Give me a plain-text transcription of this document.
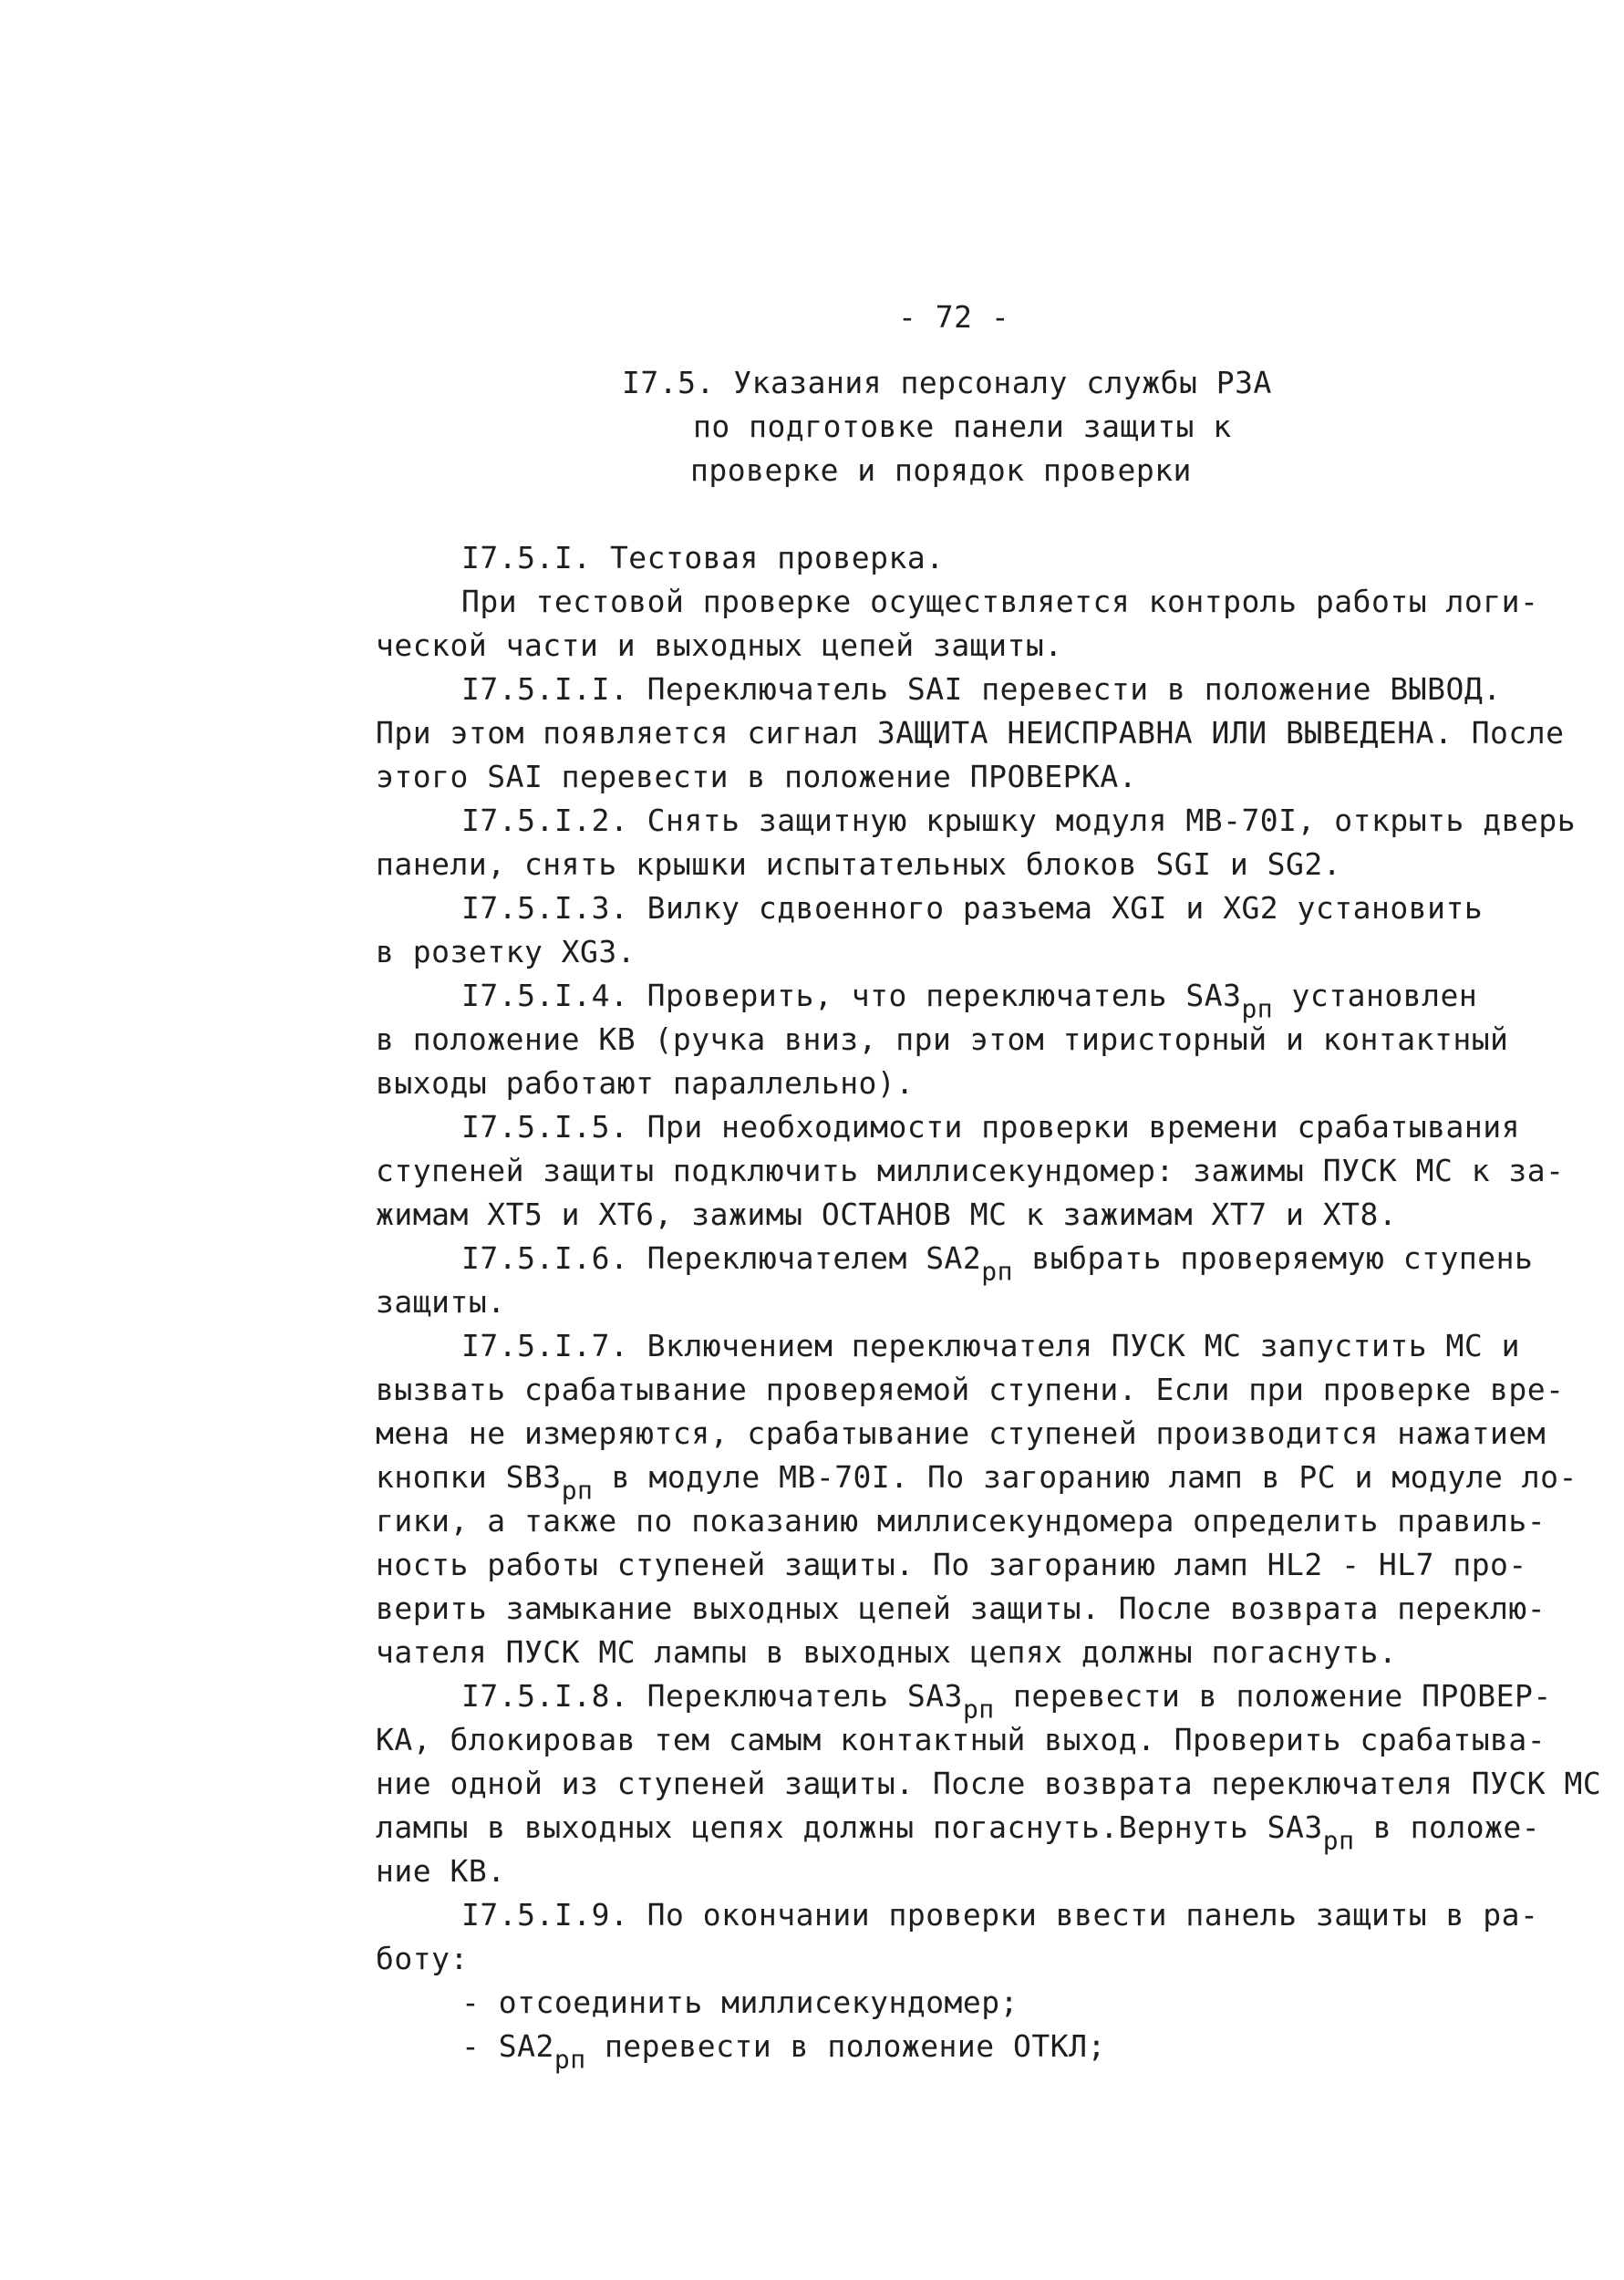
- 72 -
I7.5. Указания персоналу службы РЗА
по подготовке панели защиты к
проверке и порядок проверки
I7.5.I. Тестовая проверка.
При тестовой проверке осуществляется контроль работы логи-
ческой части и выходных цепей защиты.
I7.5.I.I. Переключатель SAI перевести в положение ВЫВОД.
При этом появляется сигнал ЗАЩИТА НЕИСПРАВНА ИЛИ ВЫВЕДЕНА. После
этого SAI перевести в положение ПРОВЕРКА.
I7.5.I.2. Снять защитную крышку модуля МВ-70I, открыть дверь
панели, снять крышки испытательных блоков SGI и SG2.
I7.5.I.3. Вилку сдвоенного разъема XGI и XG2 установить
в розетку XG3.
I7.5.I.4. Проверить, что переключатель $SA3_{рп}$ установлен
в положение КВ (ручка вниз, при этом тиристорный и контактный
выходы работают параллельно).
I7.5.I.5. При необходимости проверки времени срабатывания
ступеней защиты подключить миллисекундомер: зажимы ПУСК МС к за-
жимам XT5 и XT6, зажимы ОСТАНОВ МС к зажимам XT7 и XT8.
I7.5.I.6. Переключателем $SA2_{рп}$ выбрать проверяемую ступень
защиты.
I7.5.I.7. Включением переключателя ПУСК МС запустить МС и
вызвать срабатывание проверяемой ступени. Если при проверке вре-
мена не измеряются, срабатывание ступеней производится нажатием
кнопки $SB3_{рп}$ в модуле МВ-70I. По загоранию ламп в РС и модуле ло-
гики, а также по показанию миллисекундомера определить правиль-
ность работы ступеней защиты. По загоранию ламп HL2 - HL7 про-
верить замыкание выходных цепей защиты. После возврата переклю-
чателя ПУСК МС лампы в выходных цепях должны погаснуть.
I7.5.I.8. Переключатель $SA3_{рп}$ перевести в положение ПРОВЕР-
КА, блокировав тем самым контактный выход. Проверить срабатыва-
ние одной из ступеней защиты. После возврата переключателя ПУСК МС
лампы в выходных цепях должны погаснуть.Вернуть $SA3_{рп}$ в положе-
ние КВ.
I7.5.I.9. По окончании проверки ввести панель защиты в ра-
боту:
- отсоединить миллисекундомер;
- $SA2_{рп}$ перевести в положение ОТКЛ;
